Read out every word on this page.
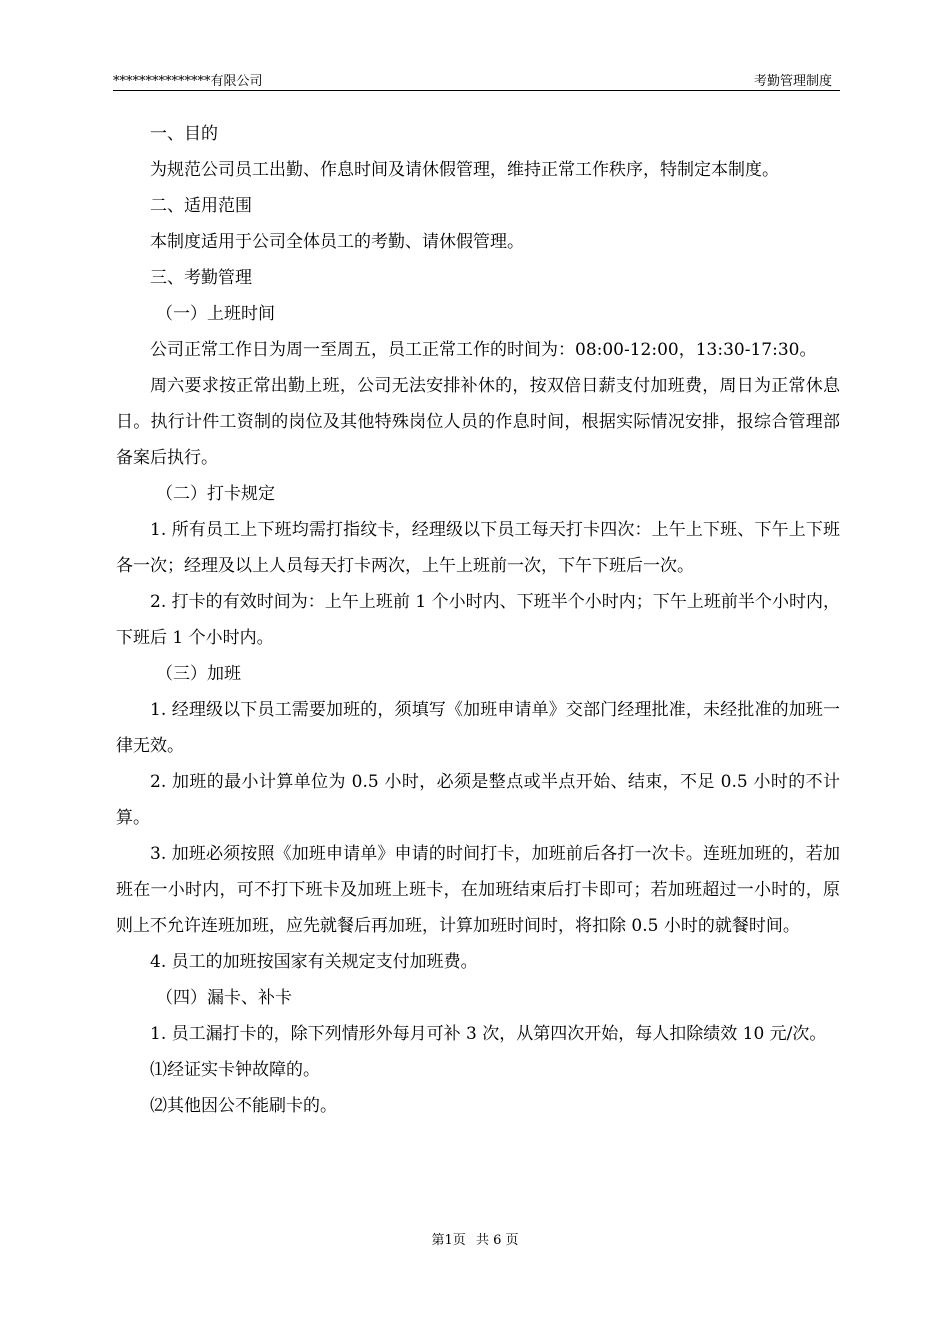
***************有限公司	考勤管理制度

一、目的

为规范公司员工出勤、作息时间及请休假管理，维持正常工作秩序，特制定本制度。

二、适用范围

本制度适用于公司全体员工的考勤、请休假管理。

三、考勤管理

（一）上班时间

公司正常工作日为周一至周五，员工正常工作的时间为：08:00-12:00，13:30-17:30。

周六要求按正常出勤上班，公司无法安排补休的，按双倍日薪支付加班费，周日为正常休息日。执行计件工资制的岗位及其他特殊岗位人员的作息时间，根据实际情况安排，报综合管理部备案后执行。

（二）打卡规定

1. 所有员工上下班均需打指纹卡，经理级以下员工每天打卡四次：上午上下班、下午上下班各一次；经理及以上人员每天打卡两次，上午上班前一次，下午下班后一次。

2. 打卡的有效时间为：上午上班前 1 个小时内、下班半个小时内；下午上班前半个小时内，下班后 1 个小时内。

（三）加班

1. 经理级以下员工需要加班的，须填写《加班申请单》交部门经理批准，未经批准的加班一律无效。

2. 加班的最小计算单位为 0.5 小时，必须是整点或半点开始、结束，不足 0.5 小时的不计算。

3. 加班必须按照《加班申请单》申请的时间打卡，加班前后各打一次卡。连班加班的，若加班在一小时内，可不打下班卡及加班上班卡，在加班结束后打卡即可；若加班超过一小时的，原则上不允许连班加班，应先就餐后再加班，计算加班时间时，将扣除 0.5 小时的就餐时间。

4. 员工的加班按国家有关规定支付加班费。

（四）漏卡、补卡

1. 员工漏打卡的，除下列情形外每月可补 3 次，从第四次开始，每人扣除绩效 10 元/次。

⑴经证实卡钟故障的。

⑵其他因公不能刷卡的。

第1页 共 6 页
